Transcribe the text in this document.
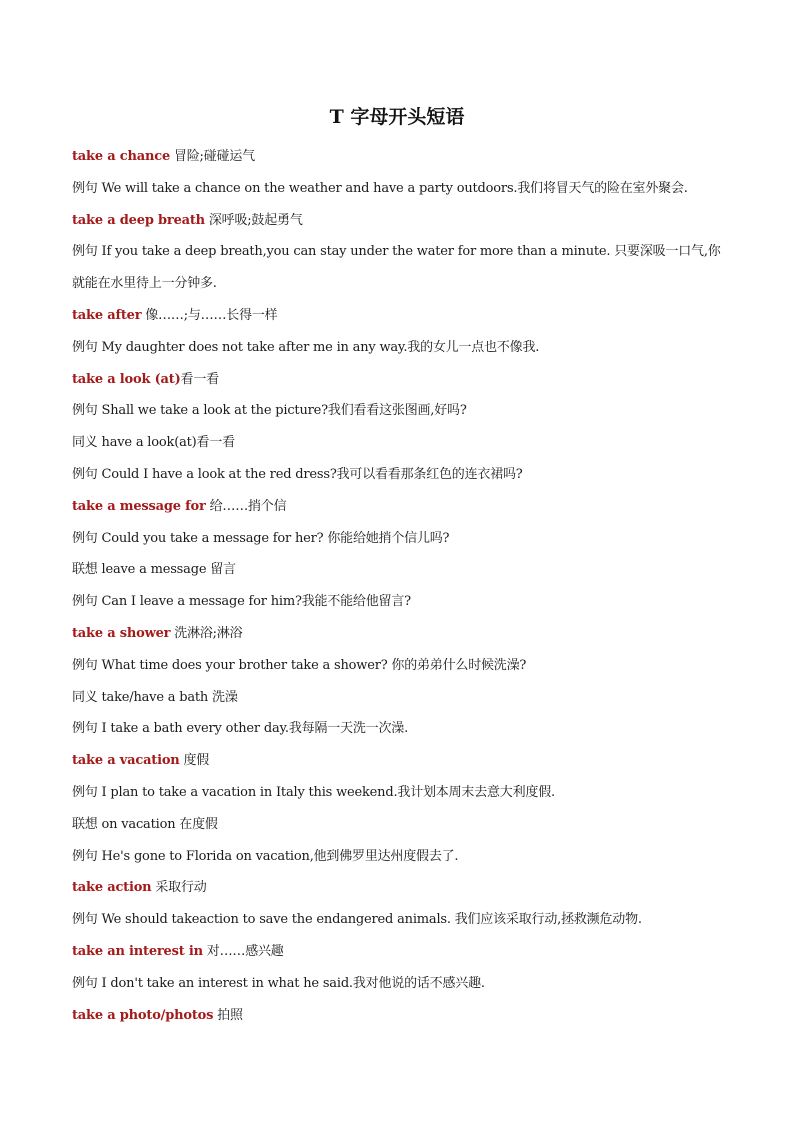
T 字母开头短语

take a chance 冒险;碰碰运气

例句 We will take a chance on the weather and have a party outdoors.我们将冒天气的险在室外聚会.

take a deep breath 深呼吸;鼓起勇气

例句 If you take a deep breath,you can stay under the water for more than a minute. 只要深吸一口气,你就能在水里待上一分钟多.

take after 像……;与……长得一样

例句 My daughter does not take after me in any way.我的女儿一点也不像我.

take a look (at)看一看

例句 Shall we take a look at the picture?我们看看这张图画,好吗?

同义 have a look(at)看一看

例句 Could I have a look at the red dress?我可以看看那条红色的连衣裙吗?

take a message for 给……捎个信

例句 Could you take a message for her? 你能给她捎个信儿吗?

联想 leave a message 留言

例句 Can I leave a message for him?我能不能给他留言?

take a shower 洗淋浴;淋浴

例句 What time does your brother take a shower? 你的弟弟什么时候洗澡?

同义 take/have a bath 洗澡

例句 I take a bath every other day.我每隔一天洗一次澡.

take a vacation 度假

例句 I plan to take a vacation in Italy this weekend.我计划本周末去意大利度假.

联想 on vacation 在度假

例句 He's gone to Florida on vacation,他到佛罗里达州度假去了.

take action 采取行动

例句 We should takeaction to save the endangered animals. 我们应该采取行动,拯救濒危动物.

take an interest in 对……感兴趣

例句 I don't take an interest in what he said.我对他说的话不感兴趣.

take a photo/photos 拍照
